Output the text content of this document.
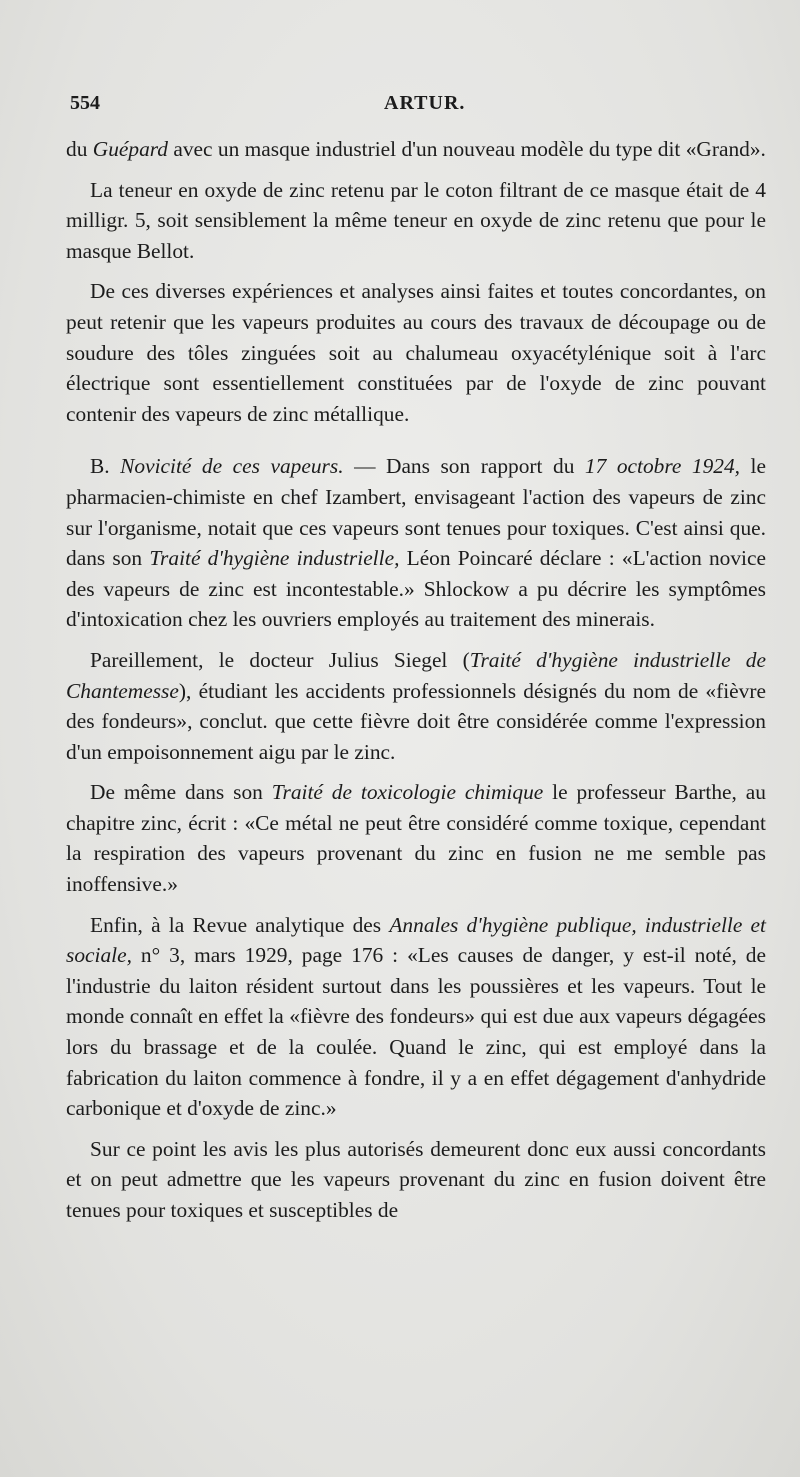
554	ARTUR.

du Guépard avec un masque industriel d'un nouveau modèle du type dit «Grand».

La teneur en oxyde de zinc retenu par le coton filtrant de ce masque était de 4 milligr. 5, soit sensiblement la même teneur en oxyde de zinc retenu que pour le masque Bellot.

De ces diverses expériences et analyses ainsi faites et toutes concordantes, on peut retenir que les vapeurs produites au cours des travaux de découpage ou de soudure des tôles zinguées soit au chalumeau oxyacétylénique soit à l'arc électrique sont essentiellement constituées par de l'oxyde de zinc pouvant contenir des vapeurs de zinc métallique.

B. Novicité de ces vapeurs. — Dans son rapport du 17 octobre 1924, le pharmacien-chimiste en chef Izambert, envisageant l'action des vapeurs de zinc sur l'organisme, notait que ces vapeurs sont tenues pour toxiques. C'est ainsi que. dans son Traité d'hygiène industrielle, Léon Poincaré déclare : «L'action novice des vapeurs de zinc est incontestable.» Shlockow a pu décrire les symptômes d'intoxication chez les ouvriers employés au traitement des minerais.

Pareillement, le docteur Julius Siegel (Traité d'hygiène industrielle de Chantemesse), étudiant les accidents professionnels désignés du nom de «fièvre des fondeurs», conclut. que cette fièvre doit être considérée comme l'expression d'un empoisonnement aigu par le zinc.

De même dans son Traité de toxicologie chimique le professeur Barthe, au chapitre zinc, écrit : «Ce métal ne peut être considéré comme toxique, cependant la respiration des vapeurs provenant du zinc en fusion ne me semble pas inoffensive.»

Enfin, à la Revue analytique des Annales d'hygiène publique, industrielle et sociale, n° 3, mars 1929, page 176 : «Les causes de danger, y est-il noté, de l'industrie du laiton résident surtout dans les poussières et les vapeurs. Tout le monde connaît en effet la «fièvre des fondeurs» qui est due aux vapeurs dégagées lors du brassage et de la coulée. Quand le zinc, qui est employé dans la fabrication du laiton commence à fondre, il y a en effet dégagement d'anhydride carbonique et d'oxyde de zinc.»

Sur ce point les avis les plus autorisés demeurent donc eux aussi concordants et on peut admettre que les vapeurs provenant du zinc en fusion doivent être tenues pour toxiques et susceptibles de
